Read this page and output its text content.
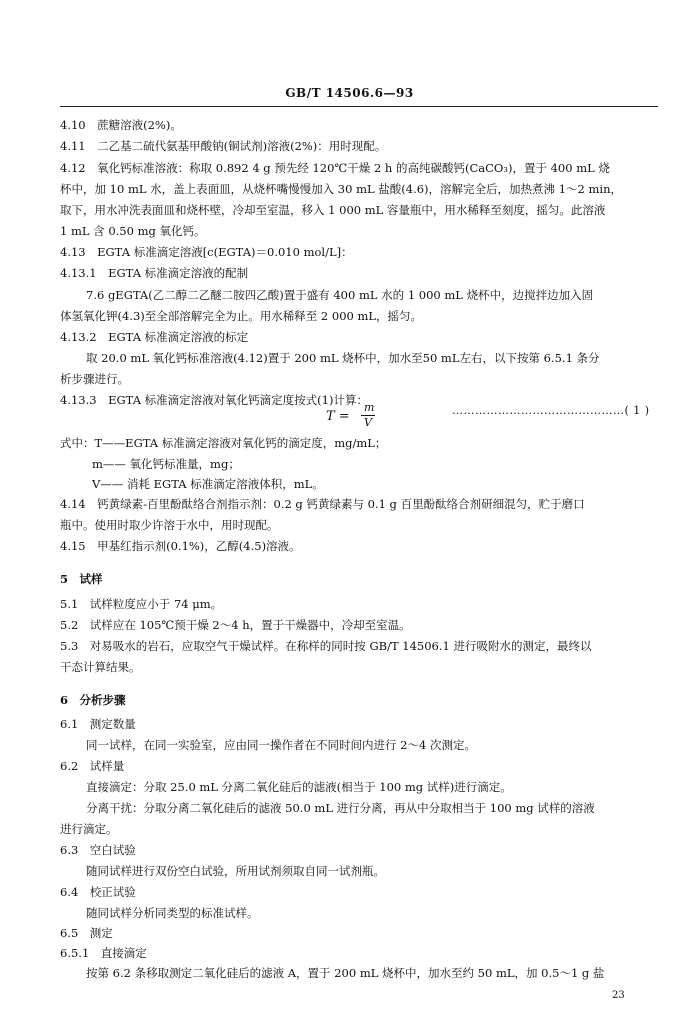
GB/T 14506.6—93
4.10　蔗糖溶液(2%)。
4.11　二乙基二硫代氨基甲酸钠(铜试剂)溶液(2%)：用时现配。
4.12　氧化钙标准溶液：称取 0.892 4 g 预先经 120℃干燥 2 h 的高纯碳酸钙(CaCO₃)，置于 400 mL 烧
杯中，加 10 mL 水，盖上表面皿，从烧杯嘴慢慢加入 30 mL 盐酸(4.6)，溶解完全后，加热煮沸 1～2 min，
取下，用水冲洗表面皿和烧杯壁，冷却至室温，移入 1 000 mL 容量瓶中，用水稀释至刻度，摇匀。此溶液
1 mL 含 0.50 mg 氧化钙。
4.13　EGTA 标准滴定溶液[c(EGTA)＝0.010 mol/L]：
4.13.1　EGTA 标准滴定溶液的配制
7.6 gEGTA(乙二醇二乙醚二胺四乙酸)置于盛有 400 mL 水的 1 000 mL 烧杯中，边搅拌边加入固
体氢氧化钾(4.3)至全部溶解完全为止。用水稀释至 2 000 mL，摇匀。
4.13.2　EGTA 标准滴定溶液的标定
取 20.0 mL 氧化钙标准溶液(4.12)置于 200 mL 烧杯中，加水至50 mL左右，以下按第 6.5.1 条分
析步骤进行。
4.13.3　EGTA 标准滴定溶液对氧化钙滴定度按式(1)计算：
T =
m
V
………………………………………( 1 )
式中：T——EGTA 标准滴定溶液对氧化钙的滴定度，mg/mL；
m—— 氧化钙标准量，mg；
V—— 消耗 EGTA 标准滴定溶液体积，mL。
4.14　钙黄绿素-百里酚酞络合剂指示剂：0.2 g 钙黄绿素与 0.1 g 百里酚酞络合剂研细混匀，贮于磨口
瓶中。使用时取少许溶于水中，用时现配。
4.15　甲基红指示剂(0.1%)，乙醇(4.5)溶液。
5　试样
5.1　试样粒度应小于 74 μm。
5.2　试样应在 105℃预干燥 2～4 h，置于干燥器中，冷却至室温。
5.3　对易吸水的岩石，应取空气干燥试样。在称样的同时按 GB/T 14506.1 进行吸附水的测定，最终以
干态计算结果。
6　分析步骤
6.1　测定数量
同一试样，在同一实验室，应由同一操作者在不同时间内进行 2～4 次测定。
6.2　试样量
直接滴定：分取 25.0 mL 分离二氧化硅后的滤液(相当于 100 mg 试样)进行滴定。
分离干扰：分取分离二氧化硅后的滤液 50.0 mL 进行分离，再从中分取相当于 100 mg 试样的溶液
进行滴定。
6.3　空白试验
随同试样进行双份空白试验，所用试剂须取自同一试剂瓶。
6.4　校正试验
随同试样分析同类型的标准试样。
6.5　测定
6.5.1　直接滴定
按第 6.2 条移取测定二氧化硅后的滤液 A，置于 200 mL 烧杯中，加水至约 50 mL，加 0.5～1 g 盐
23
